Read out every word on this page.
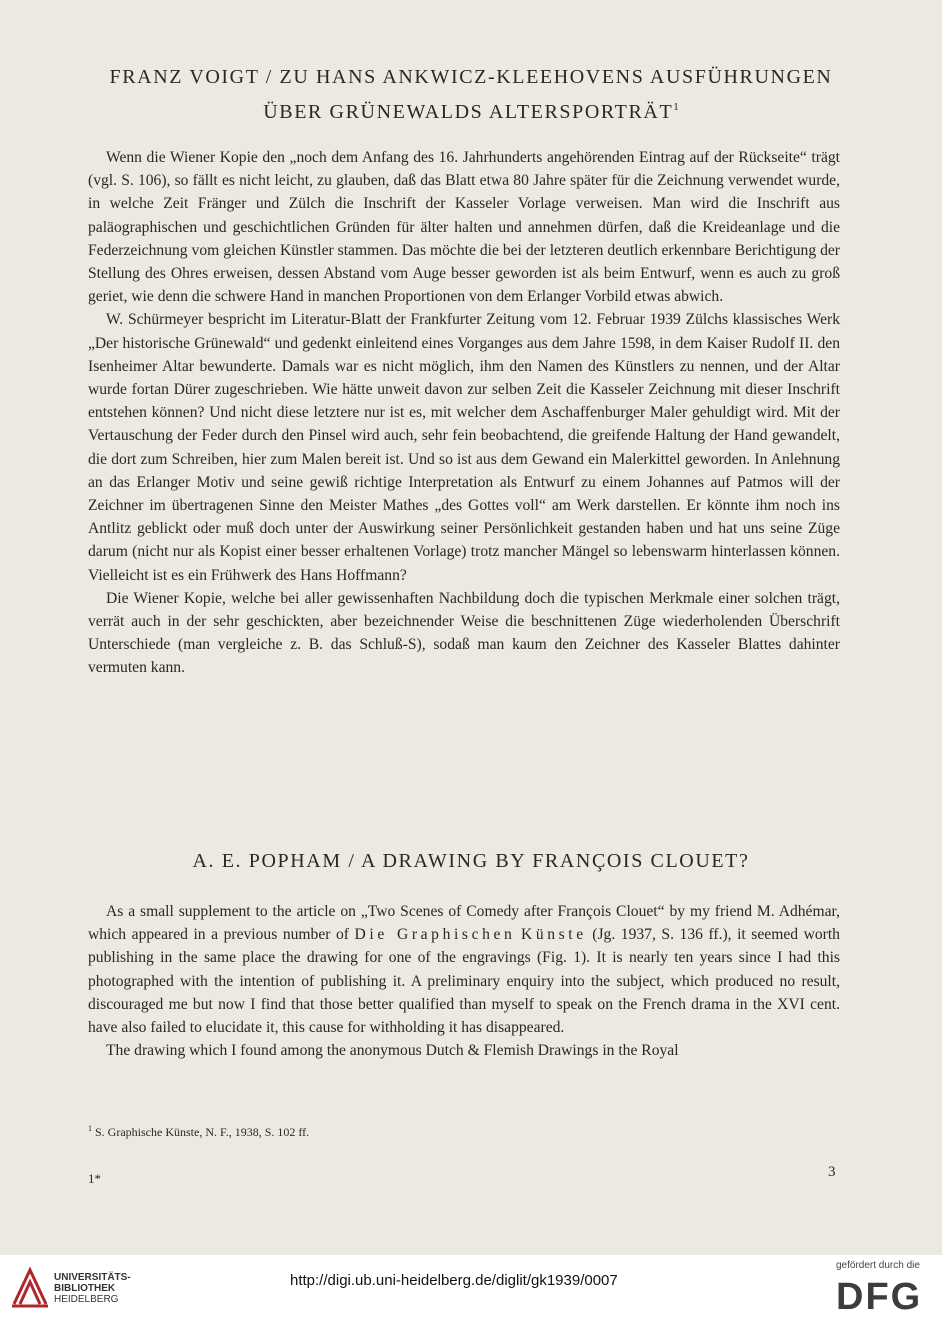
FRANZ VOIGT / ZU HANS ANKWICZ-KLEEHOVENS AUSFÜHRUNGEN
ÜBER GRÜNEWALDS ALTERSPORTRÄT$^1$

Wenn die Wiener Kopie den „noch dem Anfang des 16. Jahrhunderts angehörenden Eintrag auf der Rückseite“ trägt (vgl. S. 106), so fällt es nicht leicht, zu glauben, daß das Blatt etwa 80 Jahre später für die Zeichnung verwendet wurde, in welche Zeit Fränger und Zülch die Inschrift der Kasseler Vorlage verweisen. Man wird die Inschrift aus paläographischen und geschichtlichen Gründen für älter halten und annehmen dürfen, daß die Kreideanlage und die Federzeichnung vom gleichen Künstler stammen. Das möchte die bei der letzteren deutlich erkennbare Berichtigung der Stellung des Ohres erweisen, dessen Abstand vom Auge besser geworden ist als beim Entwurf, wenn es auch zu groß geriet, wie denn die schwere Hand in manchen Proportionen von dem Erlanger Vorbild etwas abwich.

W. Schürmeyer bespricht im Literatur-Blatt der Frankfurter Zeitung vom 12. Februar 1939 Zülchs klassisches Werk „Der historische Grünewald“ und gedenkt einleitend eines Vorganges aus dem Jahre 1598, in dem Kaiser Rudolf II. den Isenheimer Altar bewunderte. Damals war es nicht möglich, ihm den Namen des Künstlers zu nennen, und der Altar wurde fortan Dürer zugeschrieben. Wie hätte unweit davon zur selben Zeit die Kasseler Zeichnung mit dieser Inschrift entstehen können? Und nicht diese letztere nur ist es, mit welcher dem Aschaffenburger Maler gehuldigt wird. Mit der Vertauschung der Feder durch den Pinsel wird auch, sehr fein beobachtend, die greifende Haltung der Hand gewandelt, die dort zum Schreiben, hier zum Malen bereit ist. Und so ist aus dem Gewand ein Malerkittel geworden. In Anlehnung an das Erlanger Motiv und seine gewiß richtige Interpretation als Entwurf zu einem Johannes auf Patmos will der Zeichner im übertragenen Sinne den Meister Mathes „des Gottes voll“ am Werk darstellen. Er könnte ihm noch ins Antlitz geblickt oder muß doch unter der Auswirkung seiner Persönlichkeit gestanden haben und hat uns seine Züge darum (nicht nur als Kopist einer besser erhaltenen Vorlage) trotz mancher Mängel so lebenswarm hinterlassen können. Vielleicht ist es ein Frühwerk des Hans Hoffmann?

Die Wiener Kopie, welche bei aller gewissenhaften Nachbildung doch die typischen Merkmale einer solchen trägt, verrät auch in der sehr geschickten, aber bezeichnender Weise die beschnittenen Züge wiederholenden Überschrift Unterschiede (man vergleiche z. B. das Schluß-S), sodaß man kaum den Zeichner des Kasseler Blattes dahinter vermuten kann.

A. E. POPHAM / A DRAWING BY FRANÇOIS CLOUET?

As a small supplement to the article on „Two Scenes of Comedy after François Clouet“ by my friend M. Adhémar, which appeared in a previous number of Die Graphischen Künste (Jg. 1937, S. 136 ff.), it seemed worth publishing in the same place the drawing for one of the engravings (Fig. 1). It is nearly ten years since I had this photographed with the intention of publishing it. A preliminary enquiry into the subject, which produced no result, discouraged me but now I find that those better qualified than myself to speak on the French drama in the XVI cent. have also failed to elucidate it, this cause for withholding it has disappeared.

The drawing which I found among the anonymous Dutch & Flemish Drawings in the Royal

$^1$ S. Graphische Künste, N. F., 1938, S. 102 ff.
1*	3
UNIVERSITÄTS-
BIBLIOTHEK
HEIDELBERG
http://digi.ub.uni-heidelberg.de/diglit/gk1939/0007
gefördert durch die
DFG
